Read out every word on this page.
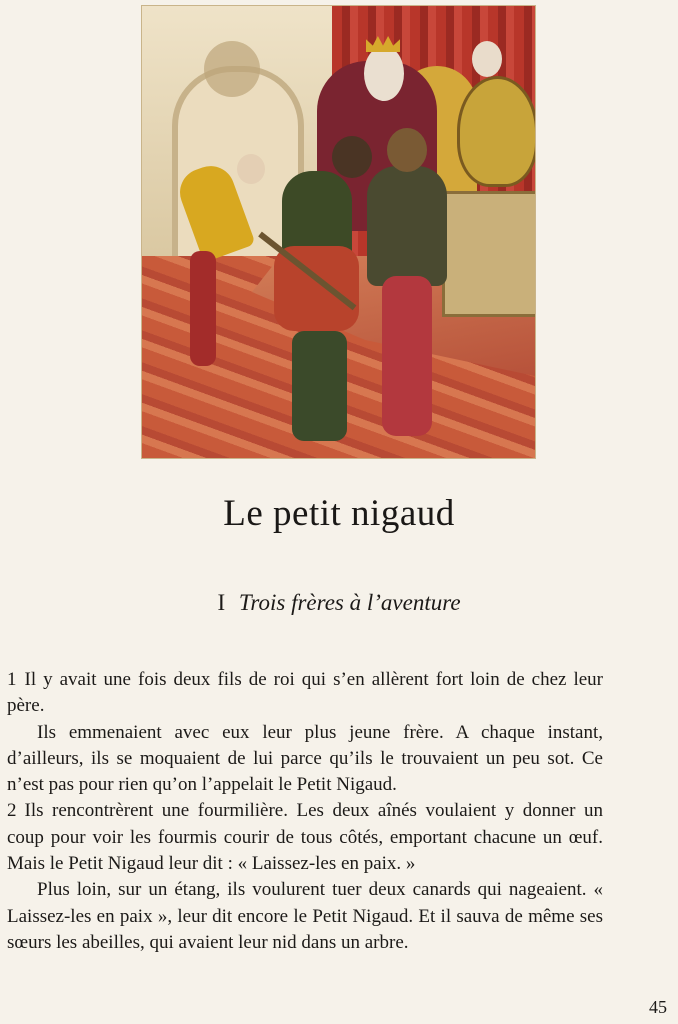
Le petit nigaud
I Trois frères à l’aventure

1 Il y avait une fois deux fils de roi qui s’en allèrent fort loin de chez leur père.

Ils emmenaient avec eux leur plus jeune frère. A chaque instant, d’ailleurs, ils se moquaient de lui parce qu’ils le trouvaient un peu sot. Ce n’est pas pour rien qu’on l’appelait le Petit Nigaud.

2 Ils rencontrèrent une fourmilière. Les deux aînés voulaient y donner un coup pour voir les fourmis courir de tous côtés, emportant chacune un œuf. Mais le Petit Nigaud leur dit : « Laissez-les en paix. »

Plus loin, sur un étang, ils voulurent tuer deux canards qui nageaient. « Laissez-les en paix », leur dit encore le Petit Nigaud. Et il sauva de même ses sœurs les abeilles, qui avaient leur nid dans un arbre.

45
